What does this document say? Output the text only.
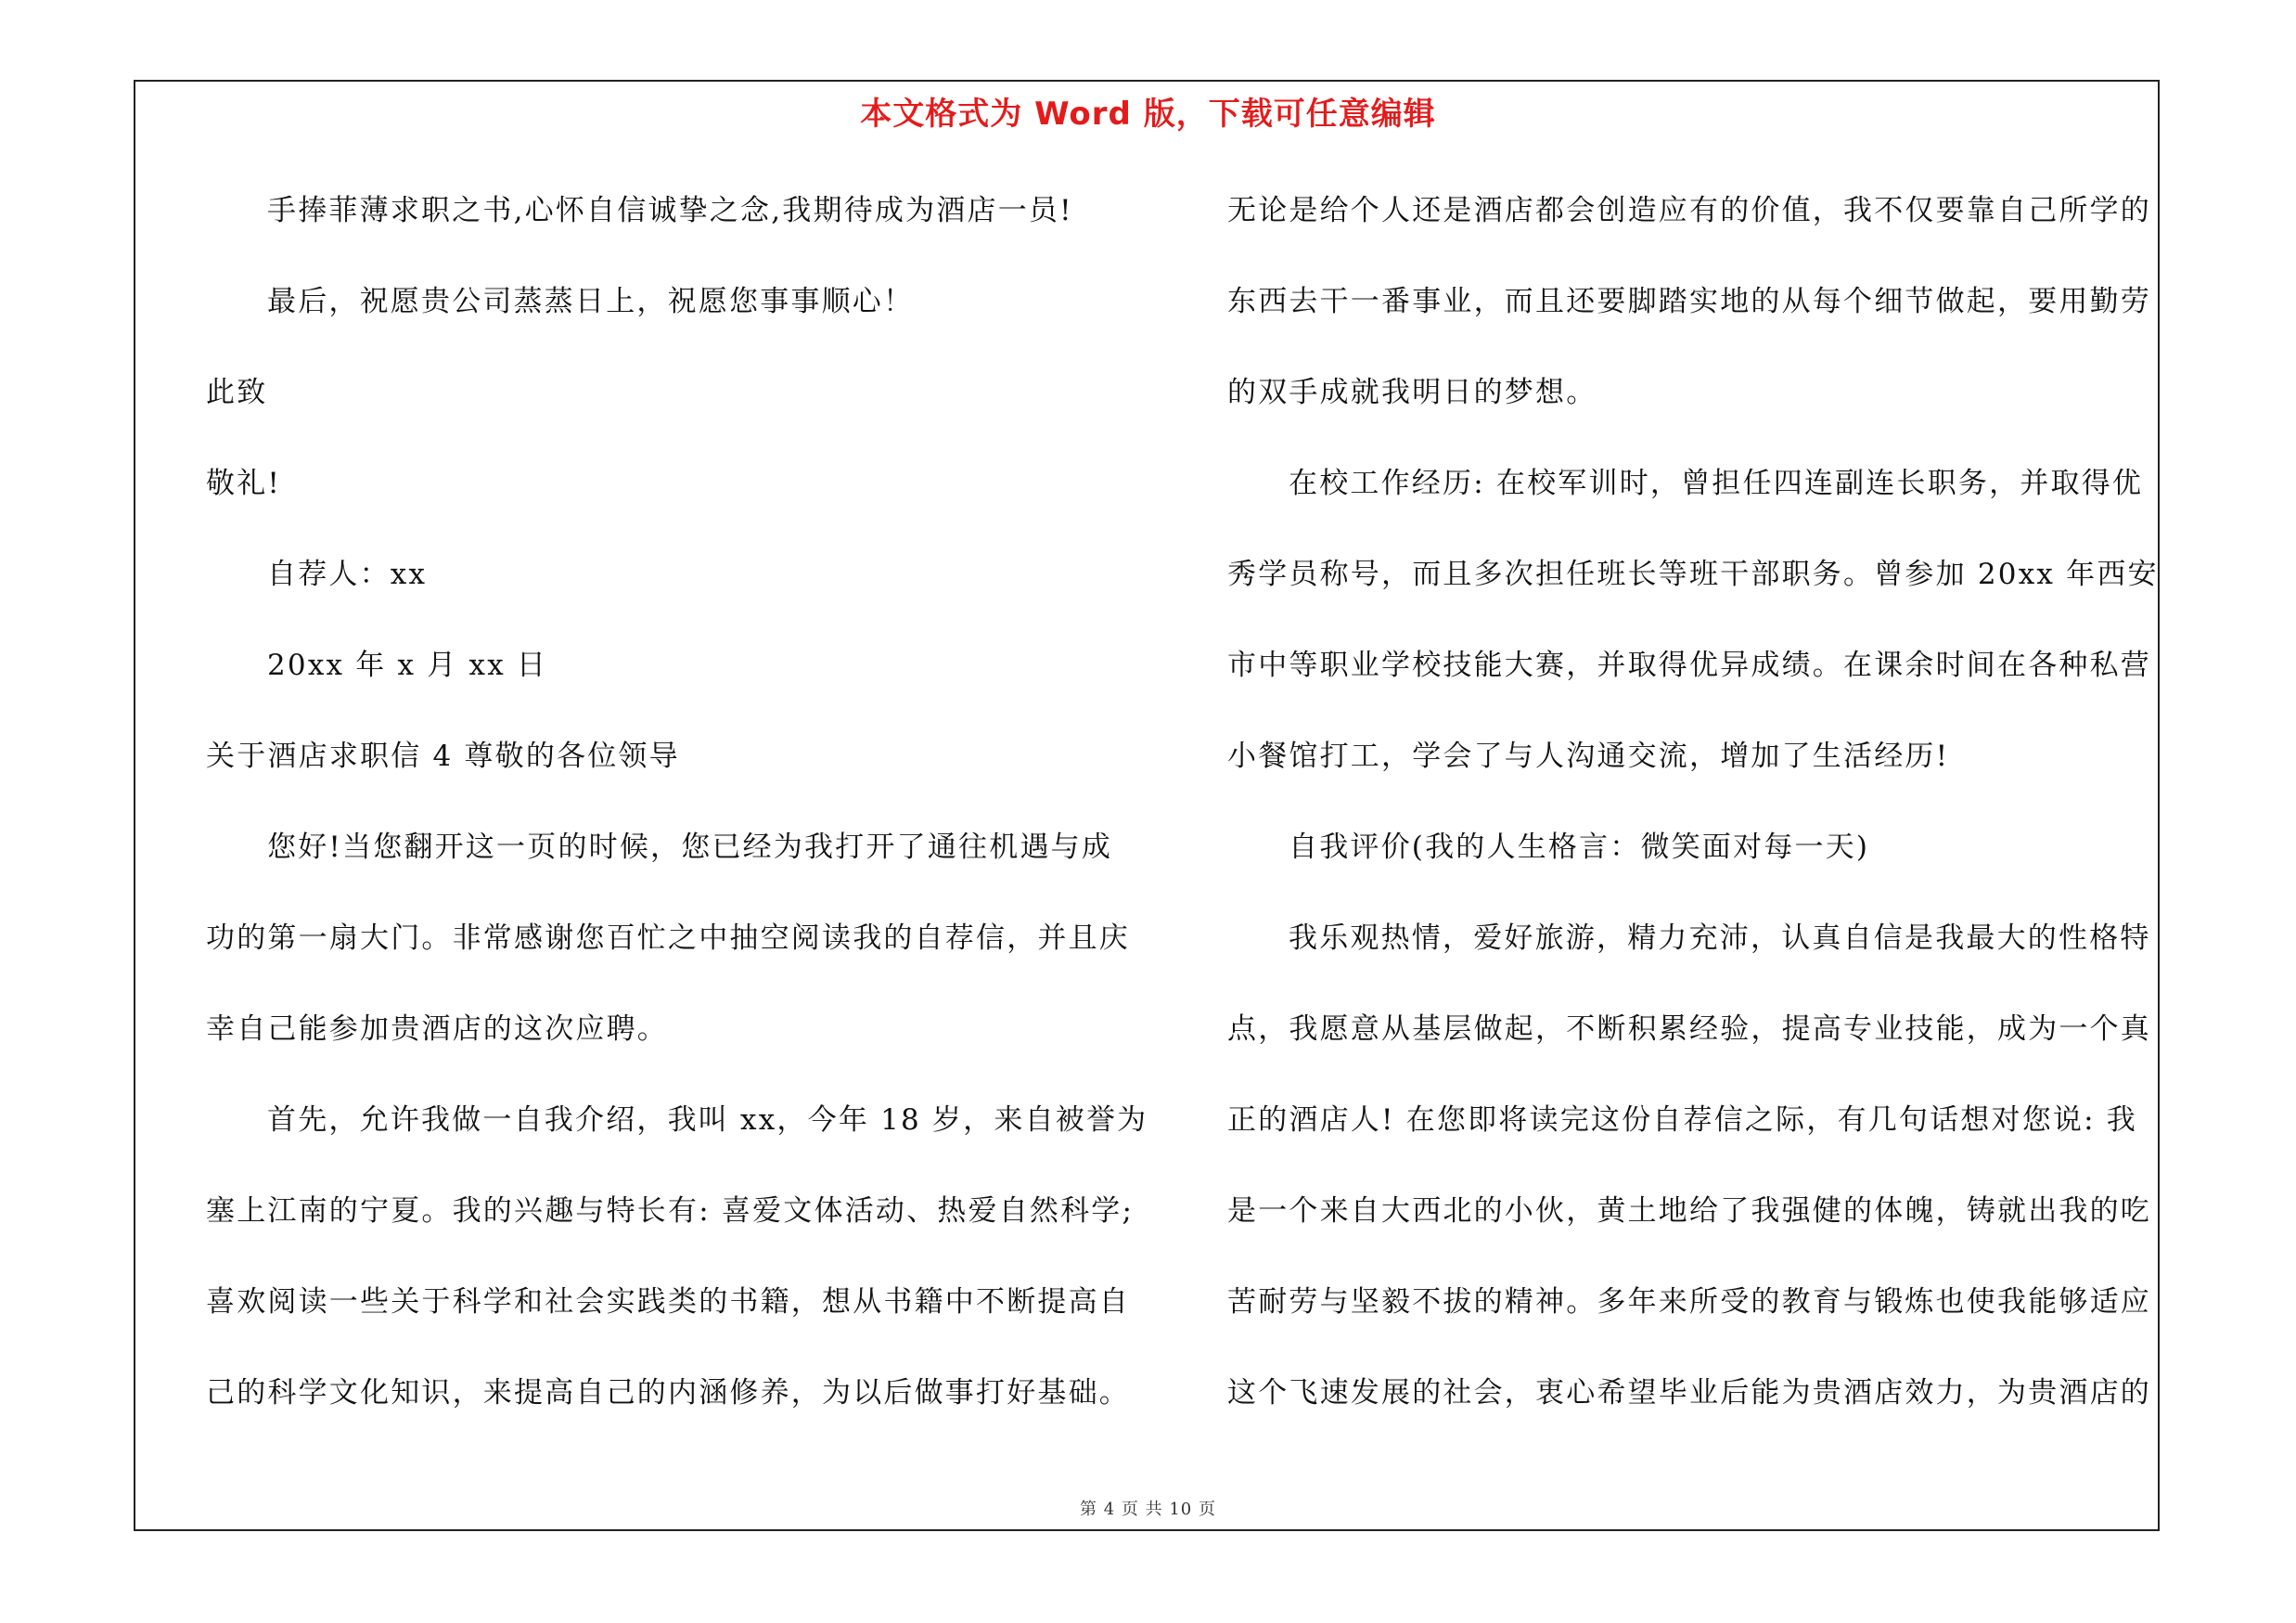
本文格式为 Word 版，下载可任意编辑
手捧菲薄求职之书,心怀自信诚挚之念,我期待成为酒店一员!
最后，祝愿贵公司蒸蒸日上，祝愿您事事顺心！
此致
敬礼!
自荐人：xx
20xx 年 x 月 xx 日
关于酒店求职信 4 尊敬的各位领导
您好!当您翻开这一页的时候，您已经为我打开了通往机遇与成
功的第一扇大门。非常感谢您百忙之中抽空阅读我的自荐信，并且庆
幸自己能参加贵酒店的这次应聘。
首先，允许我做一自我介绍，我叫 xx，今年 18 岁，来自被誉为
塞上江南的宁夏。我的兴趣与特长有: 喜爱文体活动、热爱自然科学;
喜欢阅读一些关于科学和社会实践类的书籍，想从书籍中不断提高自
己的科学文化知识，来提高自己的内涵修养，为以后做事打好基础。
无论是给个人还是酒店都会创造应有的价值，我不仅要靠自己所学的
东西去干一番事业，而且还要脚踏实地的从每个细节做起，要用勤劳
的双手成就我明日的梦想。
在校工作经历: 在校军训时，曾担任四连副连长职务，并取得优
秀学员称号，而且多次担任班长等班干部职务。曾参加 20xx 年西安
市中等职业学校技能大赛，并取得优异成绩。在课余时间在各种私营
小餐馆打工，学会了与人沟通交流，增加了生活经历!
自我评价(我的人生格言：微笑面对每一天)
我乐观热情，爱好旅游，精力充沛，认真自信是我最大的性格特
点，我愿意从基层做起，不断积累经验，提高专业技能，成为一个真
正的酒店人! 在您即将读完这份自荐信之际，有几句话想对您说: 我
是一个来自大西北的小伙，黄土地给了我强健的体魄，铸就出我的吃
苦耐劳与坚毅不拔的精神。多年来所受的教育与锻炼也使我能够适应
这个飞速发展的社会，衷心希望毕业后能为贵酒店效力，为贵酒店的
第 4 页 共 10 页
